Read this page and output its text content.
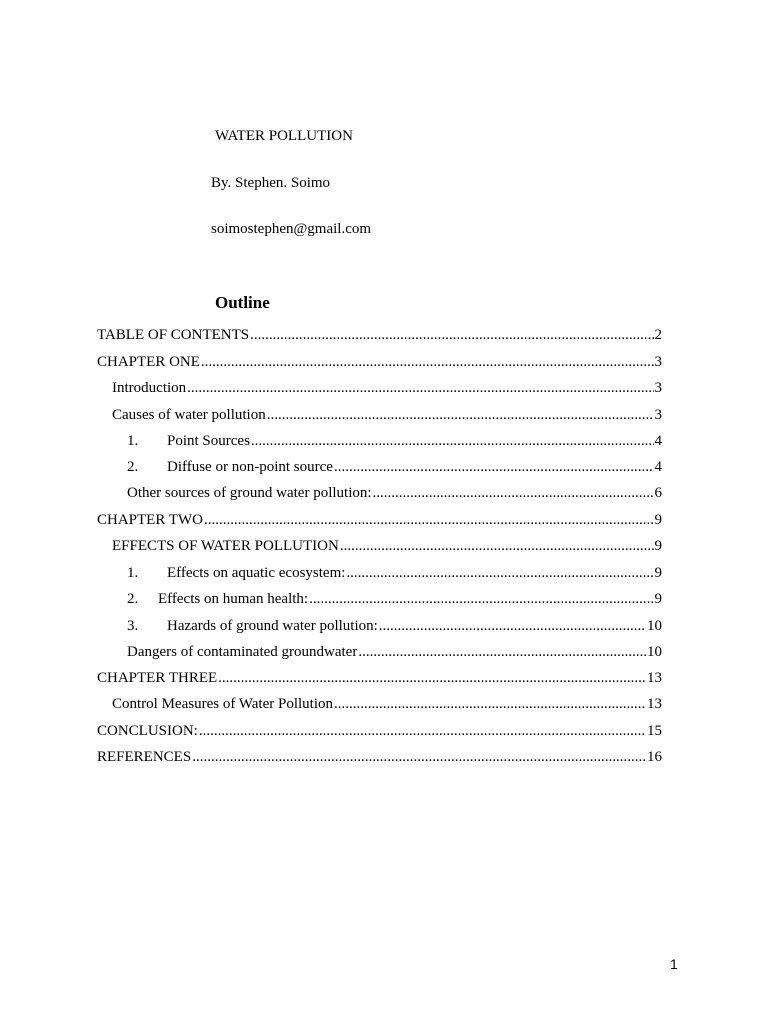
WATER POLLUTION
By. Stephen. Soimo
soimostephen@gmail.com
Outline
TABLE OF CONTENTS .....	2
CHAPTER ONE .....	3
Introduction .....	3
Causes of water pollution .....	3
1.	Point Sources .....	4
2.	Diffuse or non-point source .....	4
Other sources of ground water pollution: .....	6
CHAPTER TWO .....	9
EFFECTS OF WATER POLLUTION .....	9
1.	Effects on aquatic ecosystem: .....	9
2.	Effects on human health: .....	9
3.	Hazards of ground water pollution: .....	10
Dangers of contaminated groundwater .....	10
CHAPTER THREE .....	13
Control Measures of Water Pollution .....	13
CONCLUSION: .....	15
REFERENCES .....	16
1
